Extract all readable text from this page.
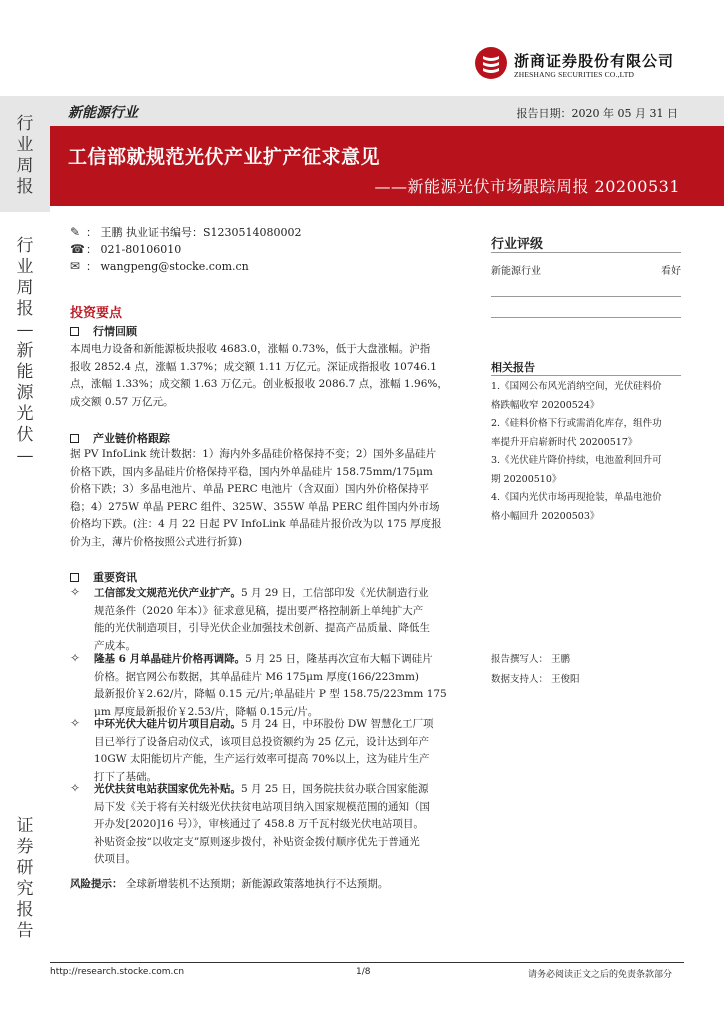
浙商证券股份有限公司
ZHESHANG SECURITIES CO.,LTD
行
业
周
报
行
业
周
报
—
新
能
源
光
伏
—
证
券
研
究
报
告
新能源行业	报告日期：2020 年 05 月 31 日
工信部就规范光伏产业扩产征求意见
——新能源光伏市场跟踪周报 20200531
✎ ： 王鹏 执业证书编号：S1230514080002
☎： 021-80106010
✉ ： wangpeng@stocke.com.cn
投资要点
行情回顾
本周电力设备和新能源板块报收 4683.0，涨幅 0.73%，低于大盘涨幅。沪指
报收 2852.4 点，涨幅 1.37%；成交额 1.11 万亿元。深证成指报收 10746.1
点，涨幅 1.33%；成交额 1.63 万亿元。创业板报收 2086.7 点，涨幅 1.96%，
成交额 0.57 万亿元。
产业链价格跟踪
据 PV InfoLink 统计数据：1）海内外多晶硅价格保持不变；2）国外多晶硅片
价格下跌，国内多晶硅片价格保持平稳，国内外单晶硅片 158.75mm/175μm
价格下跌；3）多晶电池片、单晶 PERC 电池片（含双面）国内外价格保持平
稳；4）275W 单晶 PERC 组件、325W、355W 单晶 PERC 组件国内外市场
价格均下跌。(注：4 月 22 日起 PV InfoLink 单晶硅片报价改为以 175 厚度报
价为主，薄片价格按照公式进行折算)
重要资讯
✧ 工信部发文规范光伏产业扩产。5 月 29 日，工信部印发《光伏制造行业
规范条件（2020 年本）》征求意见稿，提出要严格控制新上单纯扩大产
能的光伏制造项目，引导光伏企业加强技术创新、提高产品质量、降低生
产成本。
✧ 隆基 6 月单晶硅片价格再调降。5 月 25 日，隆基再次宣布大幅下调硅片
价格。据官网公布数据，其单晶硅片 M6 175μm 厚度(166/223mm)
最新报价￥2.62/片，降幅 0.15 元/片;单晶硅片 P 型 158.75/223mm 175
μm 厚度最新报价￥2.53/片，降幅 0.15元/片。
✧ 中环光伏大硅片切片项目启动。5 月 24 日，中环股份 DW 智慧化工厂项
目已举行了设备启动仪式，该项目总投资额约为 25 亿元，设计达到年产
10GW 太阳能切片产能，生产运行效率可提高 70%以上，这为硅片生产
打下了基础。
✧ 光伏扶贫电站获国家优先补贴。5 月 25 日，国务院扶贫办联合国家能源
局下发《关于将有关村级光伏扶贫电站项目纳入国家规模范围的通知（国
开办发[2020]16 号）》，审核通过了 458.8 万千瓦村级光伏电站项目。
补贴资金按“以收定支”原则逐步拨付，补贴资金拨付顺序优先于普通光
伏项目。
风险提示： 全球新增装机不达预期；新能源政策落地执行不达预期。
行业评级
新能源行业	看好
相关报告
1.《国网公布风光消纳空间，光伏硅料价
格跌幅收窄 20200524》
2.《硅料价格下行或需消化库存，组件功
率提升开启崭新时代 20200517》
3.《光伏硅片降价持续，电池盈利回升可
期 20200510》
4.《国内光伏市场再现抢装，单晶电池价
格小幅回升 20200503》
报告撰写人： 王鹏
数据支持人： 王俊阳
http://research.stocke.com.cn	1/8	请务必阅读正文之后的免责条款部分
